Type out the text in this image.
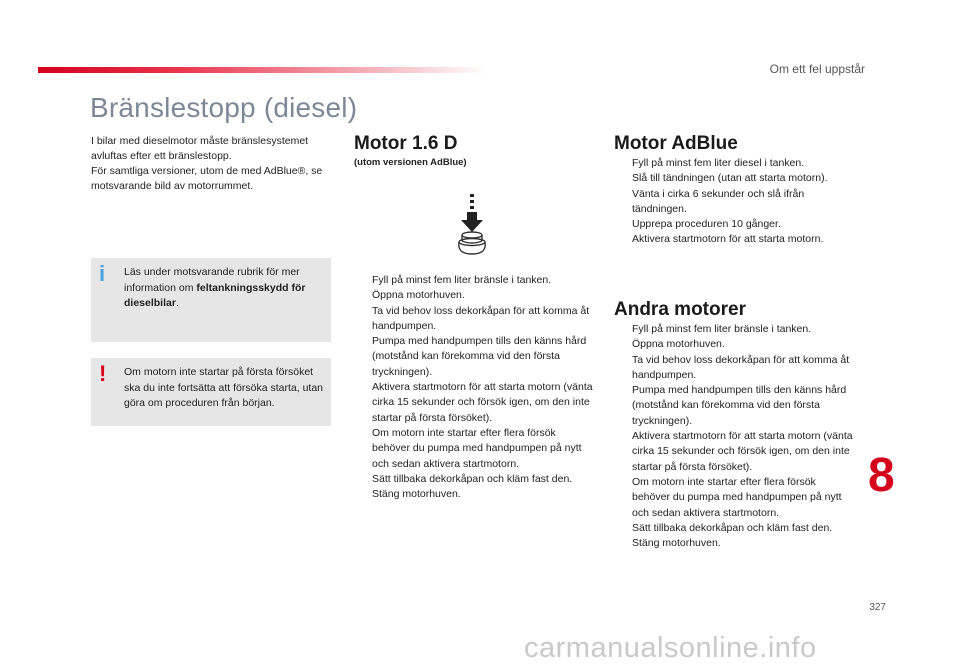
Om ett fel uppstår
Bränslestopp (diesel)

I bilar med dieselmotor måste bränslesystemet avluftas efter ett bränslestopp.

För samtliga versioner, utom de med AdBlue®, se motsvarande bild av motorrummet.

i Läs under motsvarande rubrik för mer information om feltankningsskydd för dieselbilar.
! Om motorn inte startar på första försöket ska du inte fortsätta att försöka starta, utan göra om proceduren från början.
Motor 1.6 D
(utom versionen AdBlue)
Fyll på minst fem liter bränsle i tanken.
Öppna motorhuven.
Ta vid behov loss dekorkåpan för att komma åt handpumpen.
Pumpa med handpumpen tills den känns hård (motstånd kan förekomma vid den första tryckningen).
Aktivera startmotorn för att starta motorn (vänta cirka 15 sekunder och försök igen, om den inte startar på första försöket).
Om motorn inte startar efter flera försök behöver du pumpa med handpumpen på nytt och sedan aktivera startmotorn.
Sätt tillbaka dekorkåpan och kläm fast den.
Stäng motorhuven.
Motor AdBlue
Fyll på minst fem liter diesel i tanken.
Slå till tändningen (utan att starta motorn).
Vänta i cirka 6 sekunder och slå ifrån tändningen.
Upprepa proceduren 10 gånger.
Aktivera startmotorn för att starta motorn.
Andra motorer
Fyll på minst fem liter bränsle i tanken.
Öppna motorhuven.
Ta vid behov loss dekorkåpan för att komma åt handpumpen.
Pumpa med handpumpen tills den känns hård (motstånd kan förekomma vid den första tryckningen).
Aktivera startmotorn för att starta motorn (vänta cirka 15 sekunder och försök igen, om den inte startar på första försöket).
Om motorn inte startar efter flera försök behöver du pumpa med handpumpen på nytt och sedan aktivera startmotorn.
Sätt tillbaka dekorkåpan och kläm fast den.
Stäng motorhuven.
8
327
carmanualsonline.info
